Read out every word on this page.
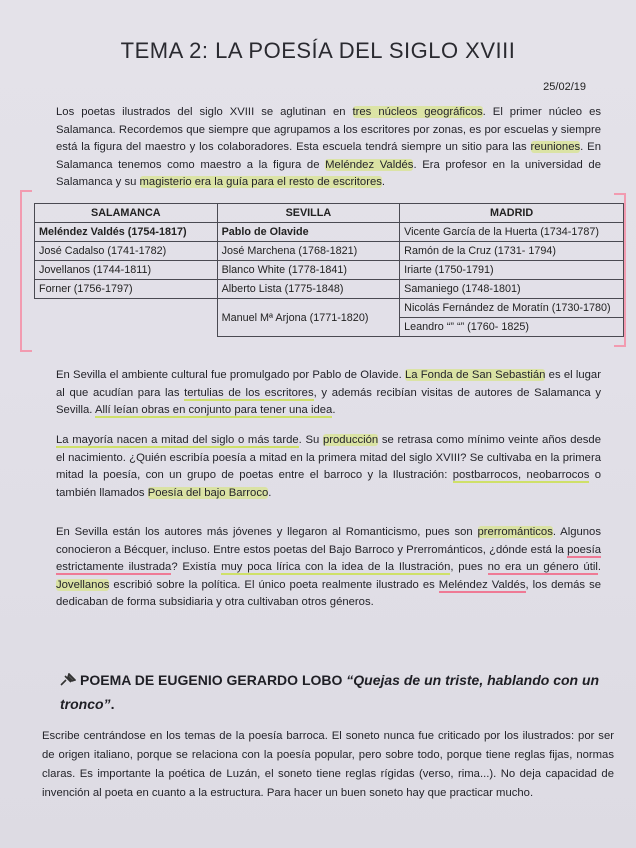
TEMA 2: LA POESÍA DEL SIGLO XVIII
25/02/19
Los poetas ilustrados del siglo XVIII se aglutinan en tres núcleos geográficos. El primer núcleo es Salamanca. Recordemos que siempre que agrupamos a los escritores por zonas, es por escuelas y siempre está la figura del maestro y los colaboradores. Esta escuela tendrá siempre un sitio para las reuniones. En Salamanca tenemos como maestro a la figura de Meléndez Valdés. Era profesor en la universidad de Salamanca y su magisterio era la guía para el resto de escritores.
SALAMANCA	SEVILLA	MADRID
Meléndez Valdés (1754-1817)	Pablo de Olavide	Vicente García de la Huerta (1734-1787)
José Cadalso (1741-1782)	José Marchena (1768-1821)	Ramón de la Cruz (1731- 1794)
Jovellanos (1744-1811)	Blanco White (1778-1841)	Iriarte (1750-1791)
Forner (1756-1797)	Alberto Lista (1775-1848)	Samaniego (1748-1801)
	Manuel Mª Arjona (1771-1820)	Nicolás Fernández de Moratín (1730-1780)
		Leandro “” “” (1760- 1825)
En Sevilla el ambiente cultural fue promulgado por Pablo de Olavide. La Fonda de San Sebastián es el lugar al que acudían para las tertulias de los escritores, y además recibían visitas de autores de Salamanca y Sevilla. Allí leían obras en conjunto para tener una idea.
La mayoría nacen a mitad del siglo o más tarde. Su producción se retrasa como mínimo veinte años desde el nacimiento. ¿Quién escribía poesía a mitad en la primera mitad del siglo XVIII? Se cultivaba en la primera mitad la poesía, con un grupo de poetas entre el barroco y la Ilustración: postbarrocos, neobarrocos o también llamados Poesía del bajo Barroco.
En Sevilla están los autores más jóvenes y llegaron al Romanticismo, pues son prerrománticos. Algunos conocieron a Bécquer, incluso. Entre estos poetas del Bajo Barroco y Prerrománticos, ¿dónde está la poesía estrictamente ilustrada? Existía muy poca lírica con la idea de la Ilustración, pues no era un género útil. Jovellanos escribió sobre la política. El único poeta realmente ilustrado es Meléndez Valdés, los demás se dedicaban de forma subsidiaria y otra cultivaban otros géneros.
POEMA DE EUGENIO GERARDO LOBO “Quejas de un triste, hablando con un tronco”.
Escribe centrándose en los temas de la poesía barroca. El soneto nunca fue criticado por los ilustrados: por ser de origen italiano, porque se relaciona con la poesía popular, pero sobre todo, porque tiene reglas fijas, normas claras. Es importante la poética de Luzán, el soneto tiene reglas rígidas (verso, rima...). No deja capacidad de invención al poeta en cuanto a la estructura. Para hacer un buen soneto hay que practicar mucho.
